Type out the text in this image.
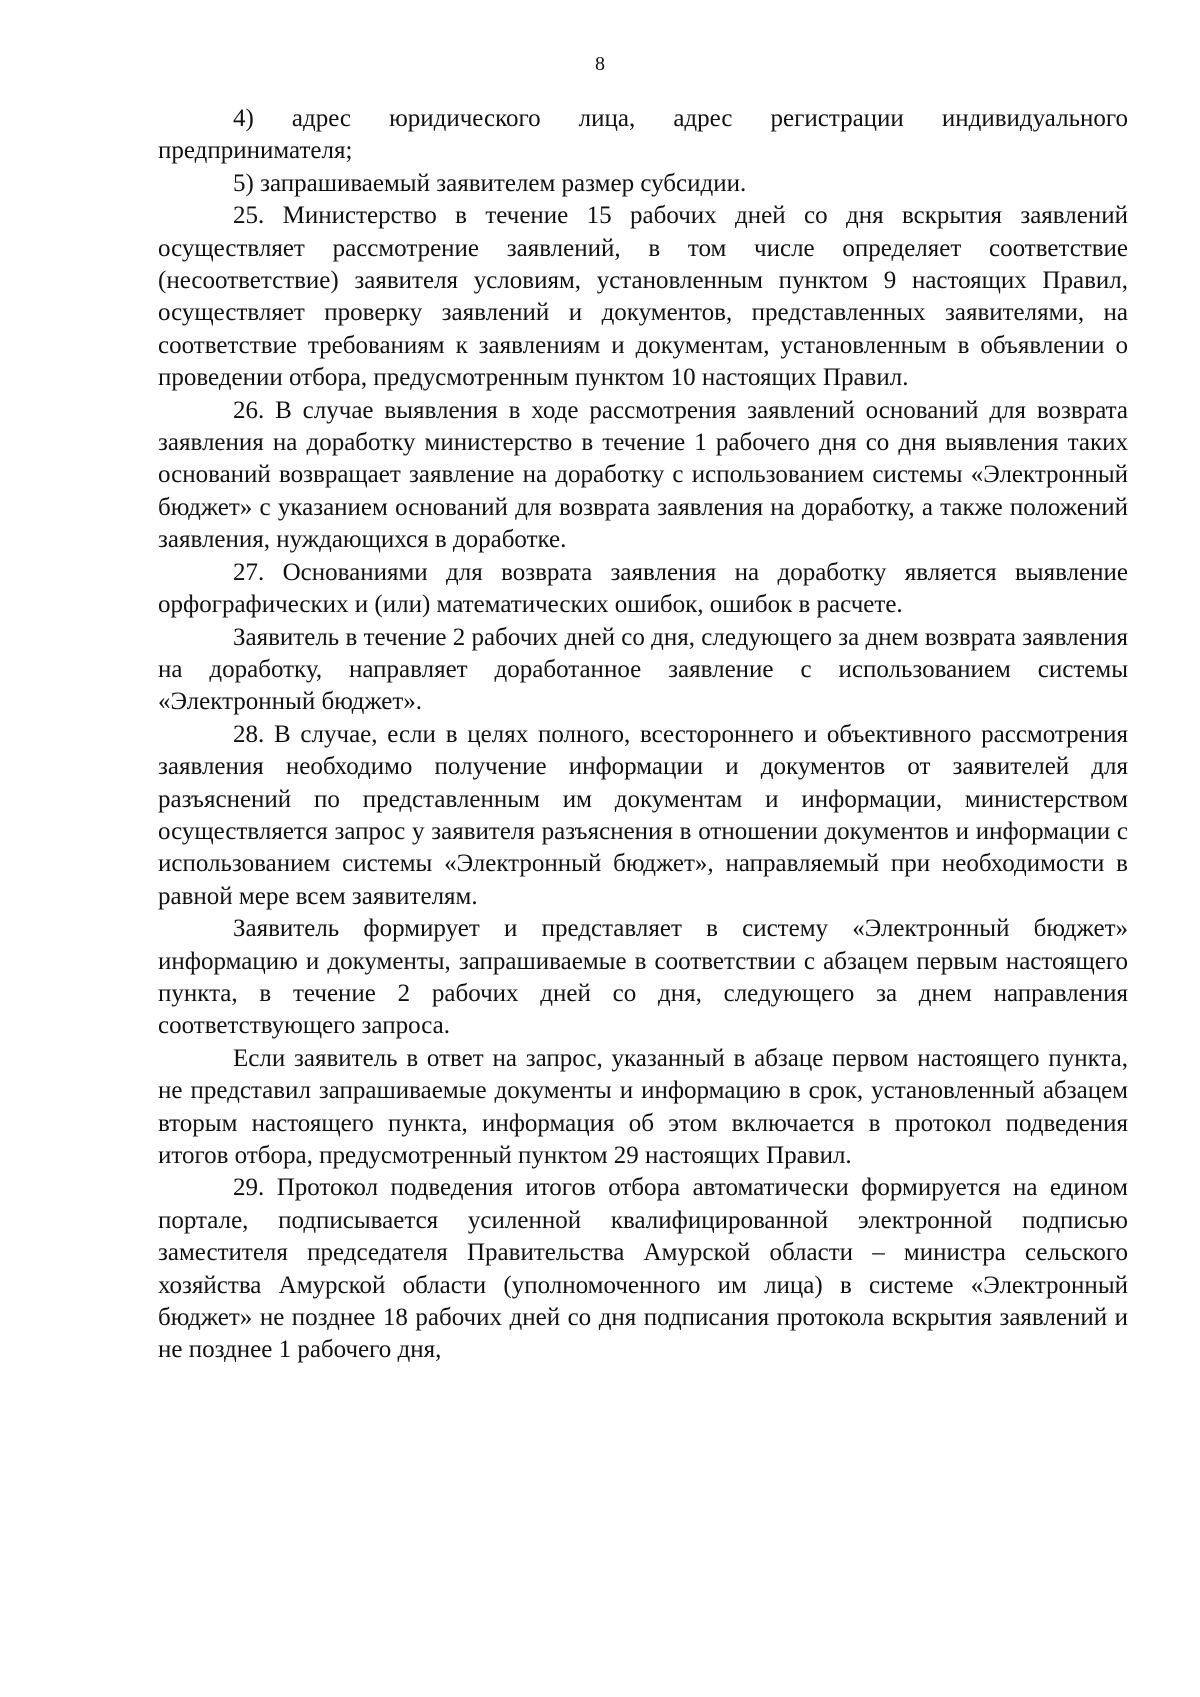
8

4) адрес юридического лица, адрес регистрации индивидуального предпринимателя;

5) запрашиваемый заявителем размер субсидии.

25. Министерство в течение 15 рабочих дней со дня вскрытия заявлений осуществляет рассмотрение заявлений, в том числе определяет соответствие (несоответствие) заявителя условиям, установленным пунктом 9 настоящих Правил, осуществляет проверку заявлений и документов, представленных заявителями, на соответствие требованиям к заявлениям и документам, установленным в объявлении о проведении отбора, предусмотренным пунктом 10 настоящих Правил.

26. В случае выявления в ходе рассмотрения заявлений оснований для возврата заявления на доработку министерство в течение 1 рабочего дня со дня выявления таких оснований возвращает заявление на доработку с использованием системы «Электронный бюджет» с указанием оснований для возврата заявления на доработку, а также положений заявления, нуждающихся в доработке.

27. Основаниями для возврата заявления на доработку является выявление орфографических и (или) математических ошибок, ошибок в расчете.

Заявитель в течение 2 рабочих дней со дня, следующего за днем возврата заявления на доработку, направляет доработанное заявление с использованием системы «Электронный бюджет».

28. В случае, если в целях полного, всестороннего и объективного рассмотрения заявления необходимо получение информации и документов от заявителей для разъяснений по представленным им документам и информации, министерством осуществляется запрос у заявителя разъяснения в отношении документов и информации с использованием системы «Электронный бюджет», направляемый при необходимости в равной мере всем заявителям.

Заявитель формирует и представляет в систему «Электронный бюджет» информацию и документы, запрашиваемые в соответствии с абзацем первым настоящего пункта, в течение 2 рабочих дней со дня, следующего за днем направления соответствующего запроса.

Если заявитель в ответ на запрос, указанный в абзаце первом настоящего пункта, не представил запрашиваемые документы и информацию в срок, установленный абзацем вторым настоящего пункта, информация об этом включается в протокол подведения итогов отбора, предусмотренный пунктом 29 настоящих Правил.

29. Протокол подведения итогов отбора автоматически формируется на едином портале, подписывается усиленной квалифицированной электронной подписью заместителя председателя Правительства Амурской области – министра сельского хозяйства Амурской области (уполномоченного им лица) в системе «Электронный бюджет» не позднее 18 рабочих дней со дня подписания протокола вскрытия заявлений и не позднее 1 рабочего дня,
